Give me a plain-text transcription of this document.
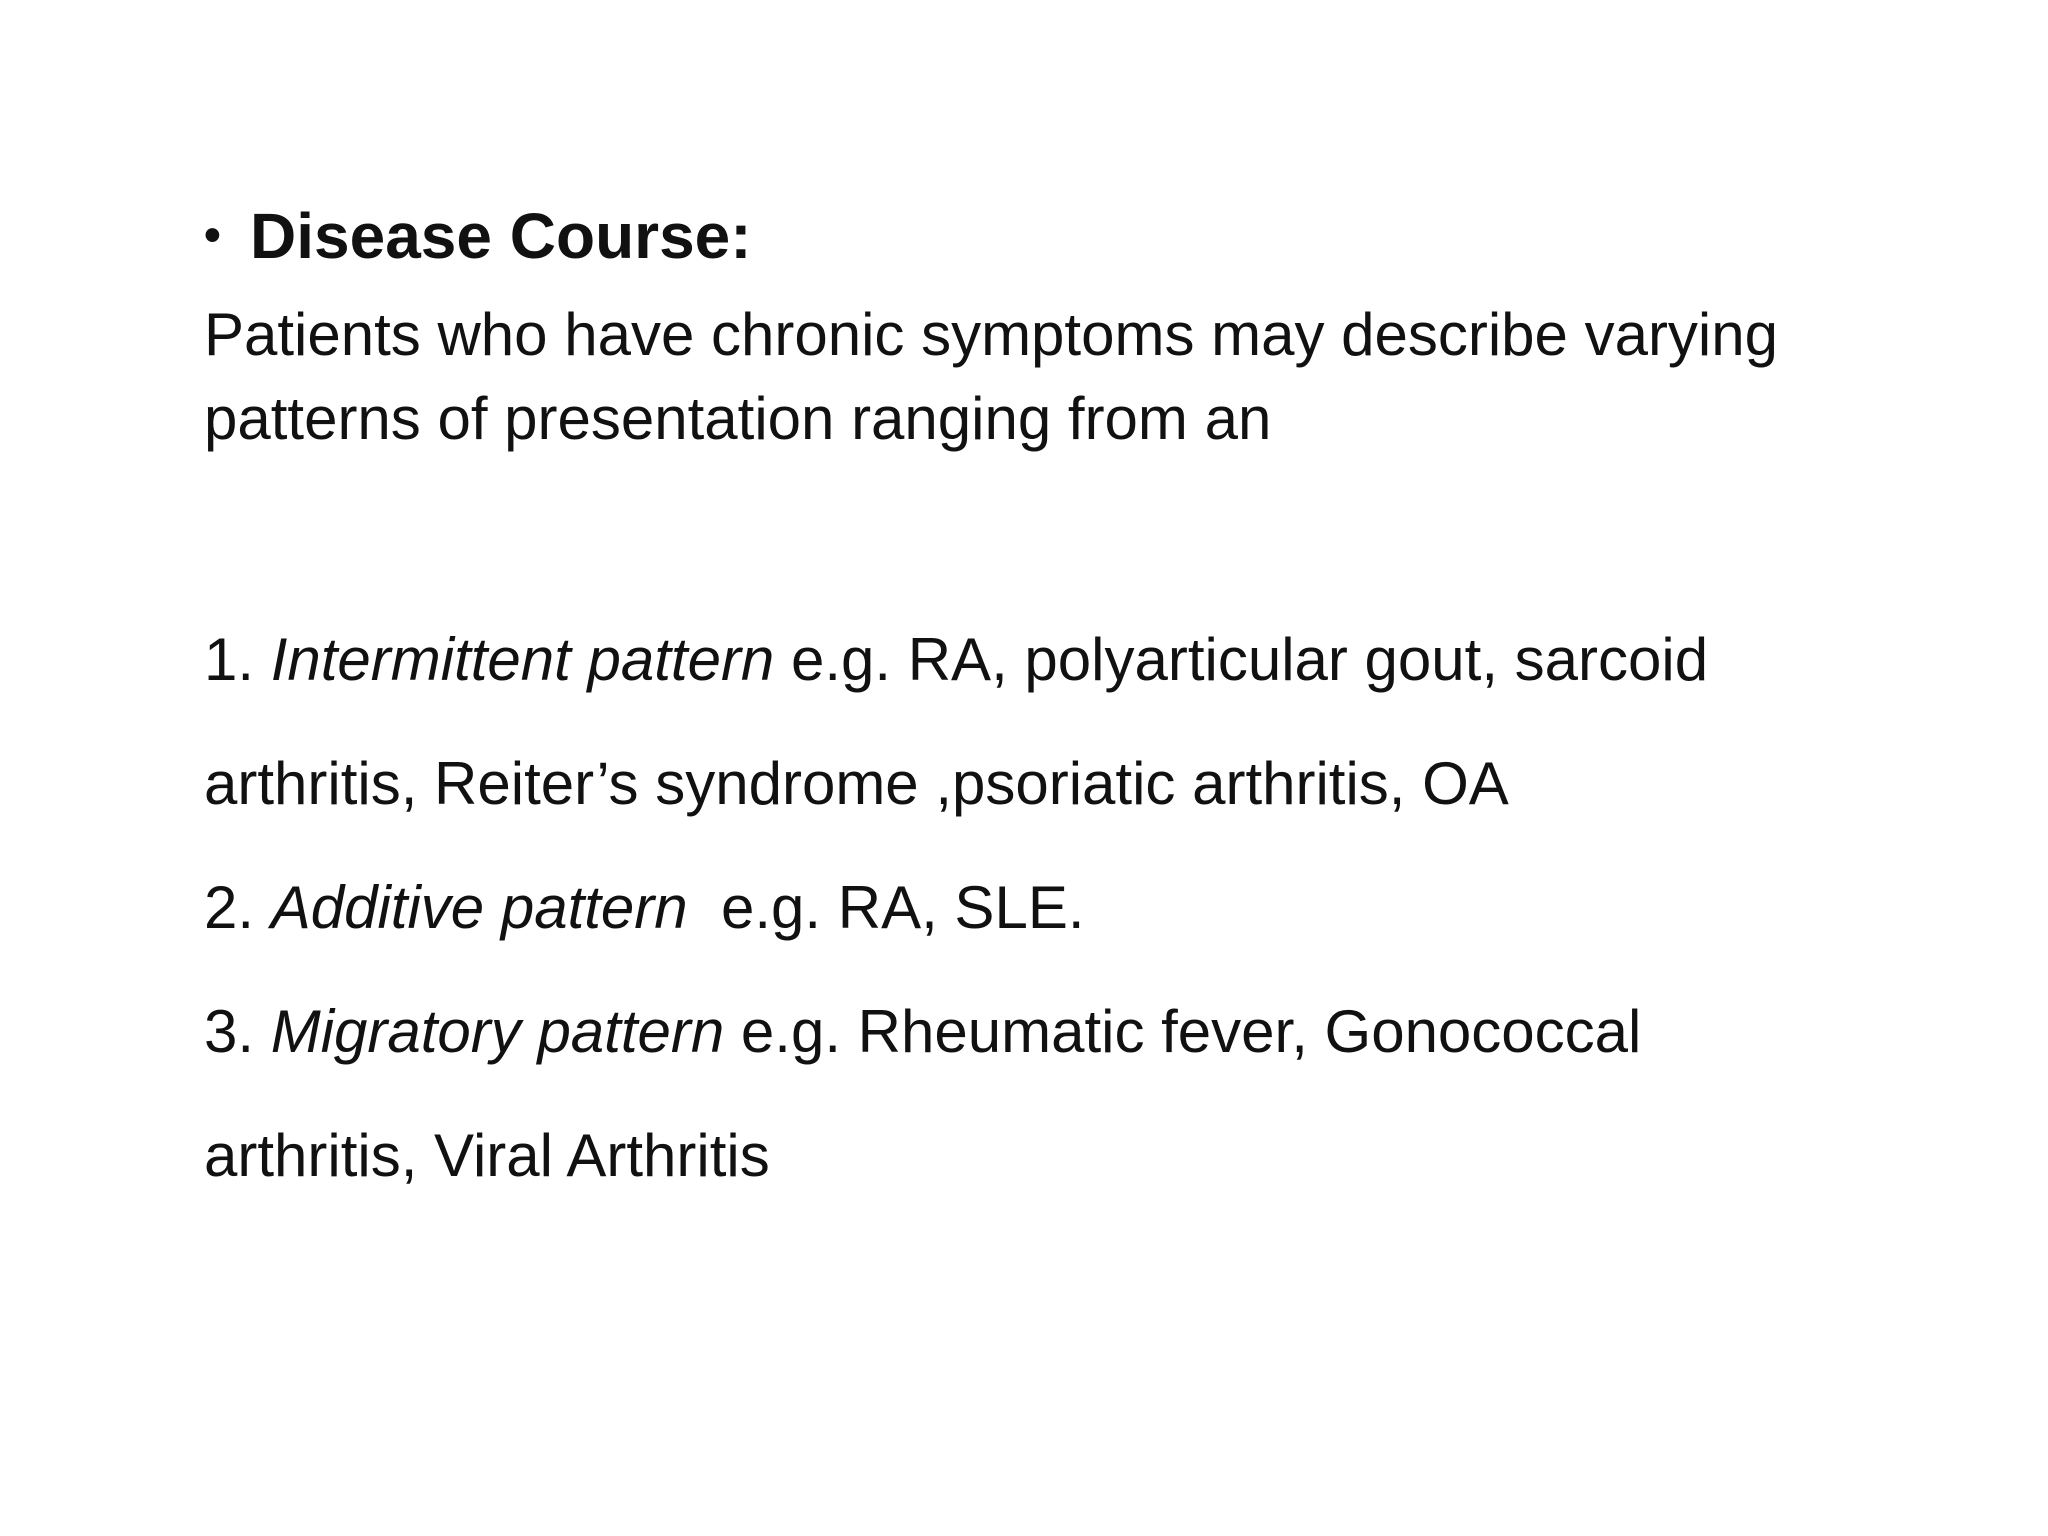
• Disease Course:
Patients who have chronic symptoms may describe varying
patterns of presentation ranging from an
1. Intermittent pattern e.g. RA, polyarticular gout, sarcoid
arthritis, Reiter’s syndrome ,psoriatic arthritis, OA
2. Additive pattern  e.g. RA, SLE.
3. Migratory pattern e.g. Rheumatic fever, Gonococcal
arthritis, Viral Arthritis
